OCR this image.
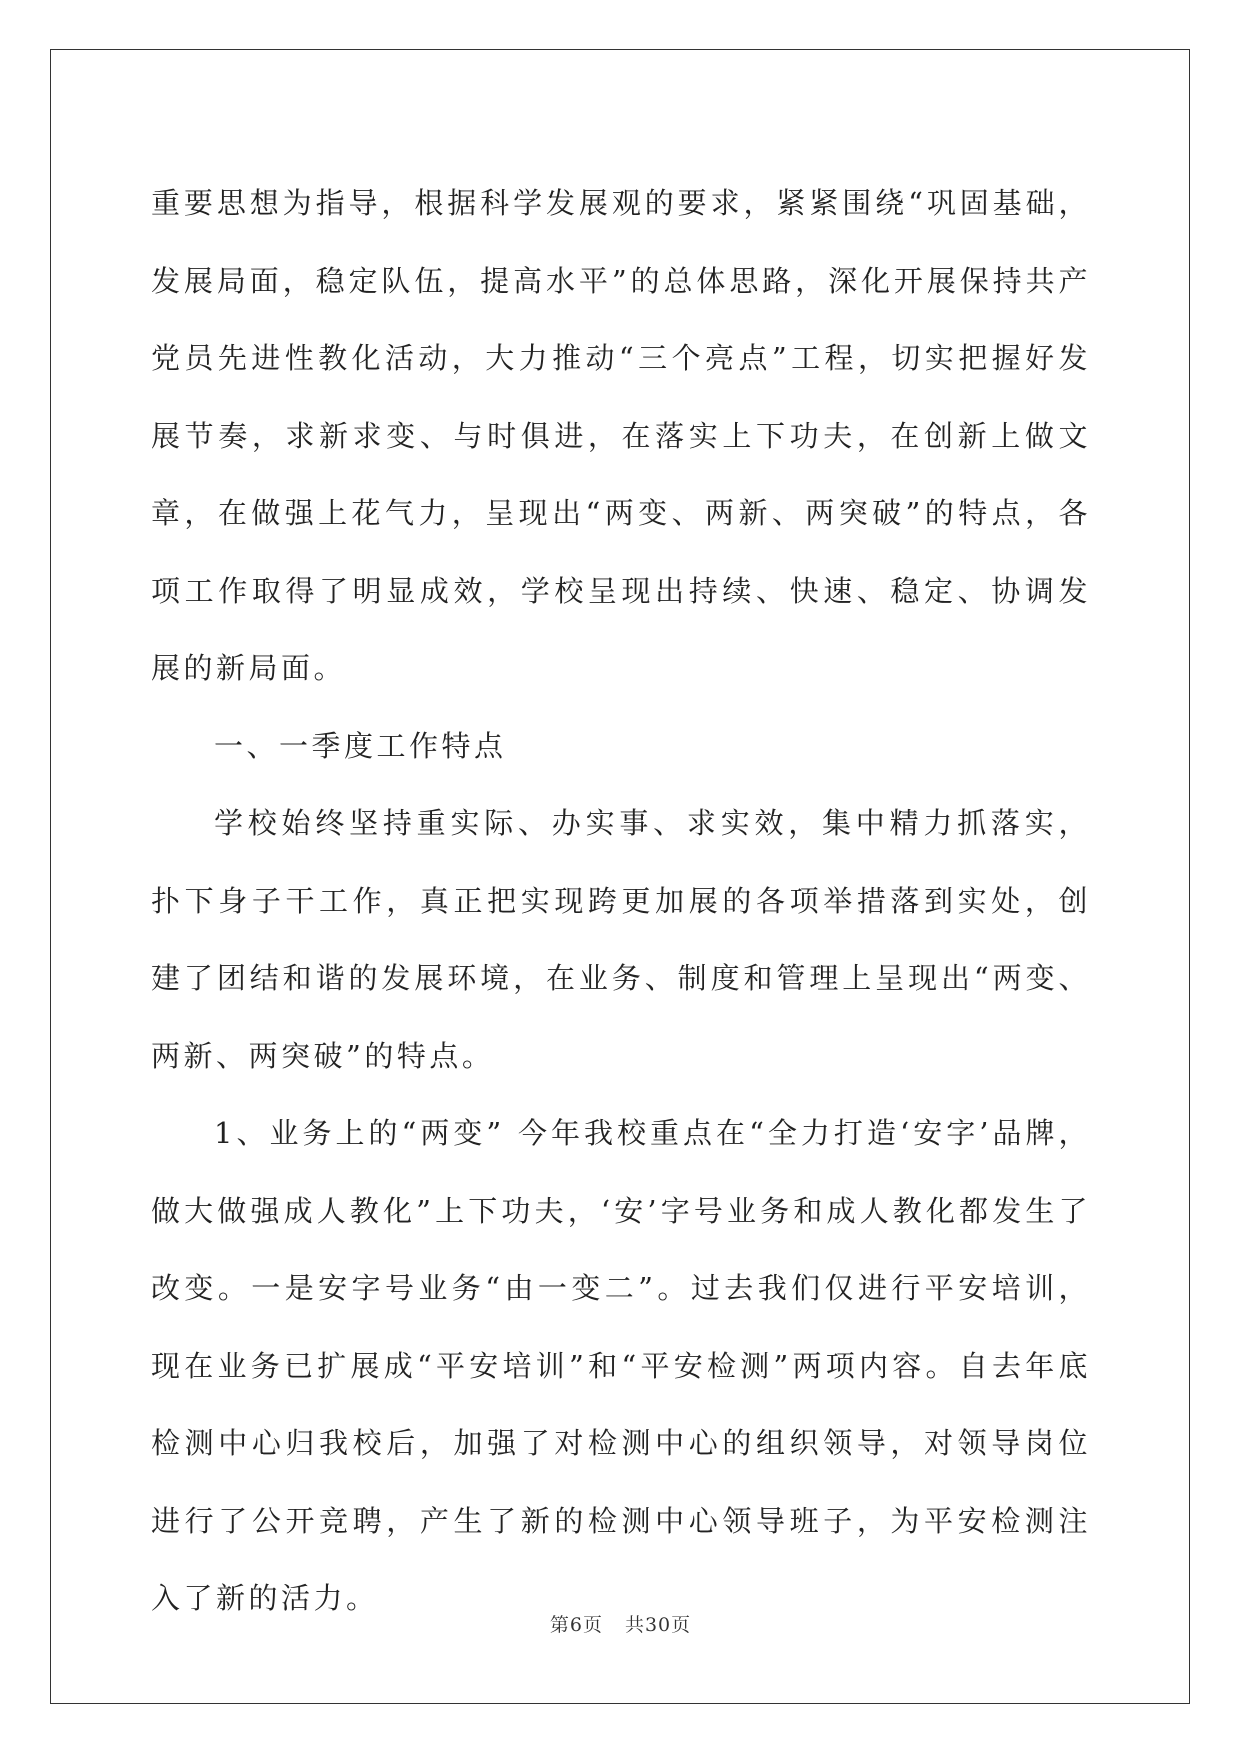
重要思想为指导，根据科学发展观的要求，紧紧围绕“巩固基础，发展局面，稳定队伍，提高水平”的总体思路，深化开展保持共产党员先进性教化活动，大力推动“三个亮点”工程，切实把握好发展节奏，求新求变、与时俱进，在落实上下功夫，在创新上做文章，在做强上花气力，呈现出“两变、两新、两突破”的特点，各项工作取得了明显成效，学校呈现出持续、快速、稳定、协调发展的新局面。

一、一季度工作特点

学校始终坚持重实际、办实事、求实效，集中精力抓落实，扑下身子干工作，真正把实现跨更加展的各项举措落到实处，创建了团结和谐的发展环境，在业务、制度和管理上呈现出“两变、两新、两突破”的特点。

1、业务上的“两变” 今年我校重点在“全力打造‘安字’品牌，做大做强成人教化”上下功夫，‘安’字号业务和成人教化都发生了改变。一是安字号业务“由一变二”。过去我们仅进行平安培训，现在业务已扩展成“平安培训”和“平安检测”两项内容。自去年底检测中心归我校后，加强了对检测中心的组织领导，对领导岗位进行了公开竞聘，产生了新的检测中心领导班子，为平安检测注入了新的活力。

第6页 共30页
